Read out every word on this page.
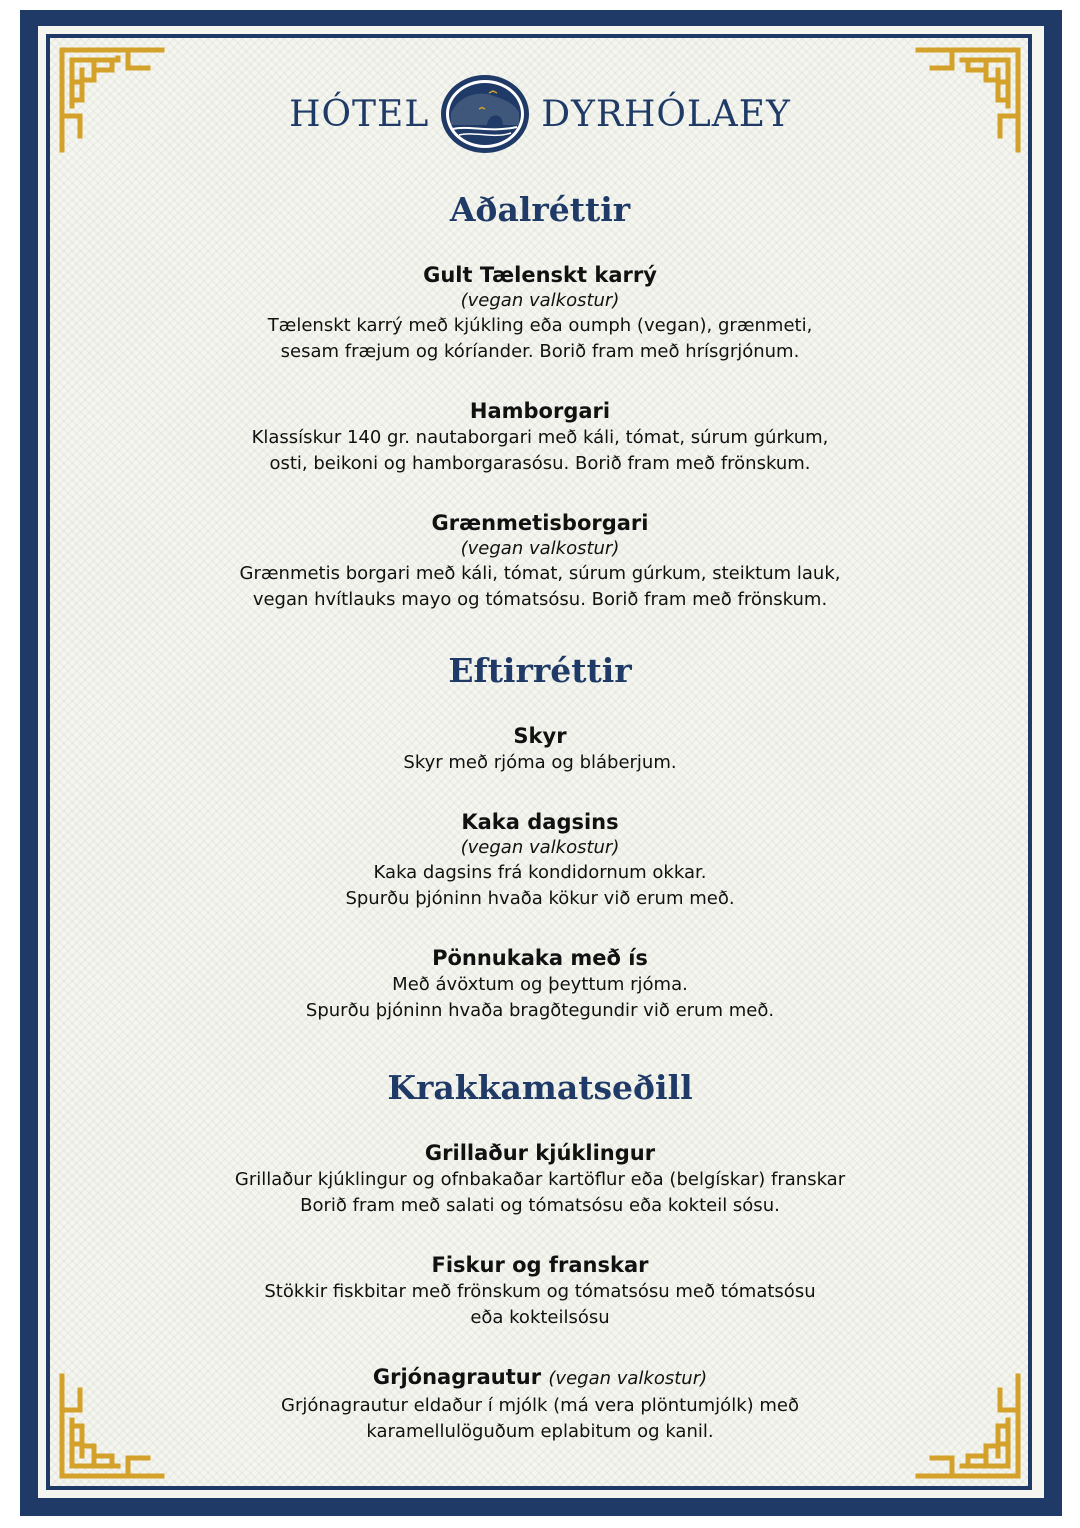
HÓTEL	DYRHÓLAEY
Aðalréttir
Gult Tælenskt karrý
(vegan valkostur)
Tælenskt karrý með kjúkling eða oumph (vegan), grænmeti,
sesam fræjum og kóríander. Borið fram með hrísgrjónum.
Hamborgari
Klassískur 140 gr. nautaborgari með káli, tómat, súrum gúrkum,
osti, beikoni og hamborgarasósu. Borið fram með frönskum.
Grænmetisborgari
(vegan valkostur)
Grænmetis borgari með káli, tómat, súrum gúrkum, steiktum lauk,
vegan hvítlauks mayo og tómatsósu. Borið fram með frönskum.
Eftirréttir
Skyr
Skyr með rjóma og bláberjum.
Kaka dagsins
(vegan valkostur)
Kaka dagsins frá kondidornum okkar.
Spurðu þjóninn hvaða kökur við erum með.
Pönnukaka með ís
Með ávöxtum og þeyttum rjóma.
Spurðu þjóninn hvaða bragðtegundir við erum með.
Krakkamatseðill
Grillaður kjúklingur
Grillaður kjúklingur og ofnbakaðar kartöflur eða (belgískar) franskar
Borið fram með salati og tómatsósu eða kokteil sósu.
Fiskur og franskar
Stökkir fiskbitar með frönskum og tómatsósu með tómatsósu
eða kokteilsósu
Grjónagrautur (vegan valkostur)
Grjónagrautur eldaður í mjólk (má vera plöntumjólk) með
karamellulöguðum eplabitum og kanil.
